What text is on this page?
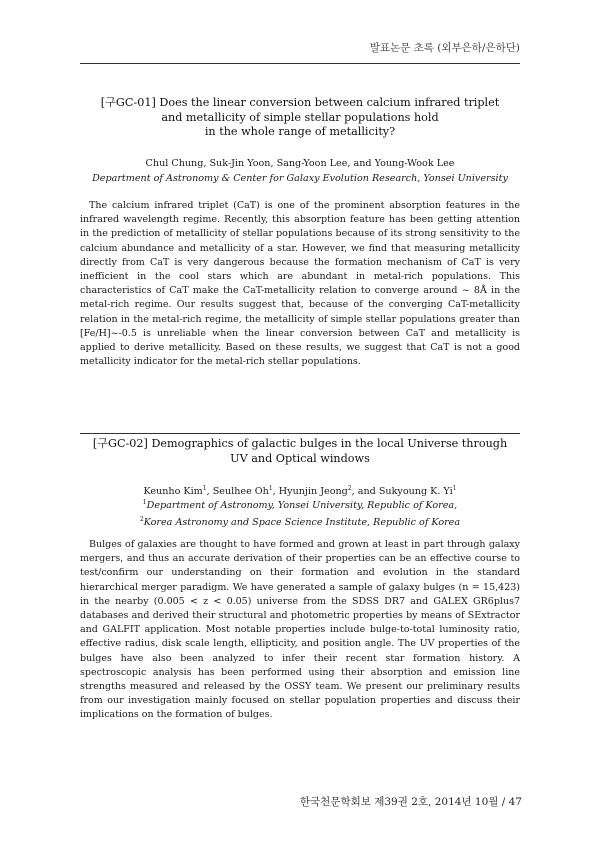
발표논문 초록 (외부은하/은하단)
[구GC-01] Does the linear conversion between calcium infrared triplet
and metallicity of simple stellar populations hold
in the whole range of metallicity?
Chul Chung, Suk-Jin Yoon, Sang-Yoon Lee, and Young-Wook Lee
Department of Astronomy & Center for Galaxy Evolution Research, Yonsei University

The calcium infrared triplet (CaT) is one of the prominent absorption features in the infrared wavelength regime. Recently, this absorption feature has been getting attention in the prediction of metallicity of stellar populations because of its strong sensitivity to the calcium abundance and metallicity of a star. However, we find that measuring metallicity directly from CaT is very dangerous because the formation mechanism of CaT is very inefficient in the cool stars which are abundant in metal-rich populations. This characteristics of CaT make the CaT-metallicity relation to converge around ~ 8Å in the metal-rich regime. Our results suggest that, because of the converging CaT-metallicity relation in the metal-rich regime, the metallicity of simple stellar populations greater than [Fe/H]~-0.5 is unreliable when the linear conversion between CaT and metallicity is applied to derive metallicity. Based on these results, we suggest that CaT is not a good metallicity indicator for the metal-rich stellar populations.

[구GC-02] Demographics of galactic bulges in the local Universe through
UV and Optical windows
Keunho Kim$^1$, Seulhee Oh$^1$, Hyunjin Jeong$^2$, and Sukyoung K. Yi$^1$
$^1$Department of Astronomy, Yonsei University, Republic of Korea,
$^2$Korea Astronomy and Space Science Institute, Republic of Korea

Bulges of galaxies are thought to have formed and grown at least in part through galaxy mergers, and thus an accurate derivation of their properties can be an effective course to test/confirm our understanding on their formation and evolution in the standard hierarchical merger paradigm. We have generated a sample of galaxy bulges (n = 15,423) in the nearby (0.005 < z < 0.05) universe from the SDSS DR7 and GALEX GR6plus7 databases and derived their structural and photometric properties by means of SExtractor and GALFIT application. Most notable properties include bulge-to-total luminosity ratio, effective radius, disk scale length, ellipticity, and position angle. The UV properties of the bulges have also been analyzed to infer their recent star formation history. A spectroscopic analysis has been performed using their absorption and emission line strengths measured and released by the OSSY team. We present our preliminary results from our investigation mainly focused on stellar population properties and discuss their implications on the formation of bulges.

한국천문학회보 제39권 2호, 2014년 10월 / 47
